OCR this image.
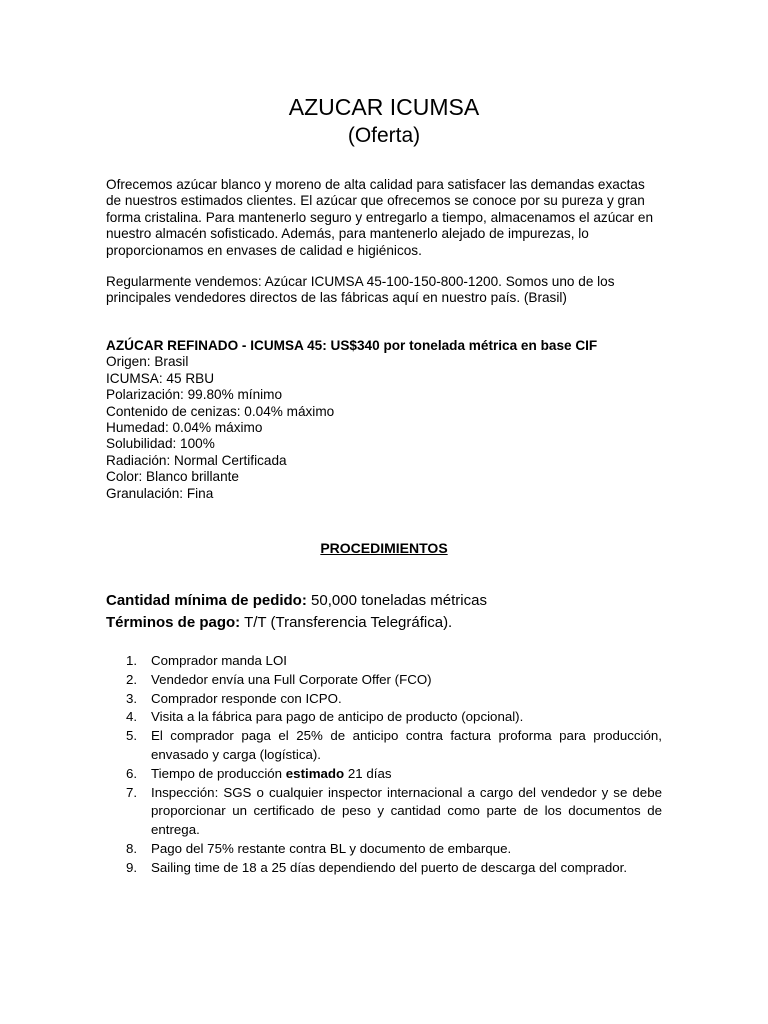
AZUCAR ICUMSA
(Oferta)
Ofrecemos azúcar blanco y moreno de alta calidad para satisfacer las demandas exactas de nuestros estimados clientes. El azúcar que ofrecemos se conoce por su pureza y gran forma cristalina. Para mantenerlo seguro y entregarlo a tiempo, almacenamos el azúcar en nuestro almacén sofisticado. Además, para mantenerlo alejado de impurezas, lo proporcionamos en envases de calidad e higiénicos.
Regularmente vendemos: Azúcar ICUMSA 45-100-150-800-1200. Somos uno de los principales vendedores directos de las fábricas aquí en nuestro país. (Brasil)
AZÚCAR REFINADO - ICUMSA 45: US$340 por tonelada métrica en base CIF
Origen: Brasil
ICUMSA: 45 RBU
Polarización: 99.80% mínimo
Contenido de cenizas: 0.04% máximo
Humedad: 0.04% máximo
Solubilidad: 100%
Radiación: Normal Certificada
Color: Blanco brillante
Granulación: Fina
PROCEDIMIENTOS
Cantidad mínima de pedido: 50,000 toneladas métricas
Términos de pago: T/T (Transferencia Telegráfica).
1.	Comprador manda LOI
2.	Vendedor envía una Full Corporate Offer (FCO)
3.	Comprador responde con ICPO.
4.	Visita a la fábrica para pago de anticipo de producto (opcional).
5.	El comprador paga el 25% de anticipo contra factura proforma para producción, envasado y carga (logística).
6.	Tiempo de producción estimado 21 días
7.	Inspección: SGS o cualquier inspector internacional a cargo del vendedor y se debe proporcionar un certificado de peso y cantidad como parte de los documentos de entrega.
8.	Pago del 75% restante contra BL y documento de embarque.
9.	Sailing time de 18 a 25 días dependiendo del puerto de descarga del comprador.
